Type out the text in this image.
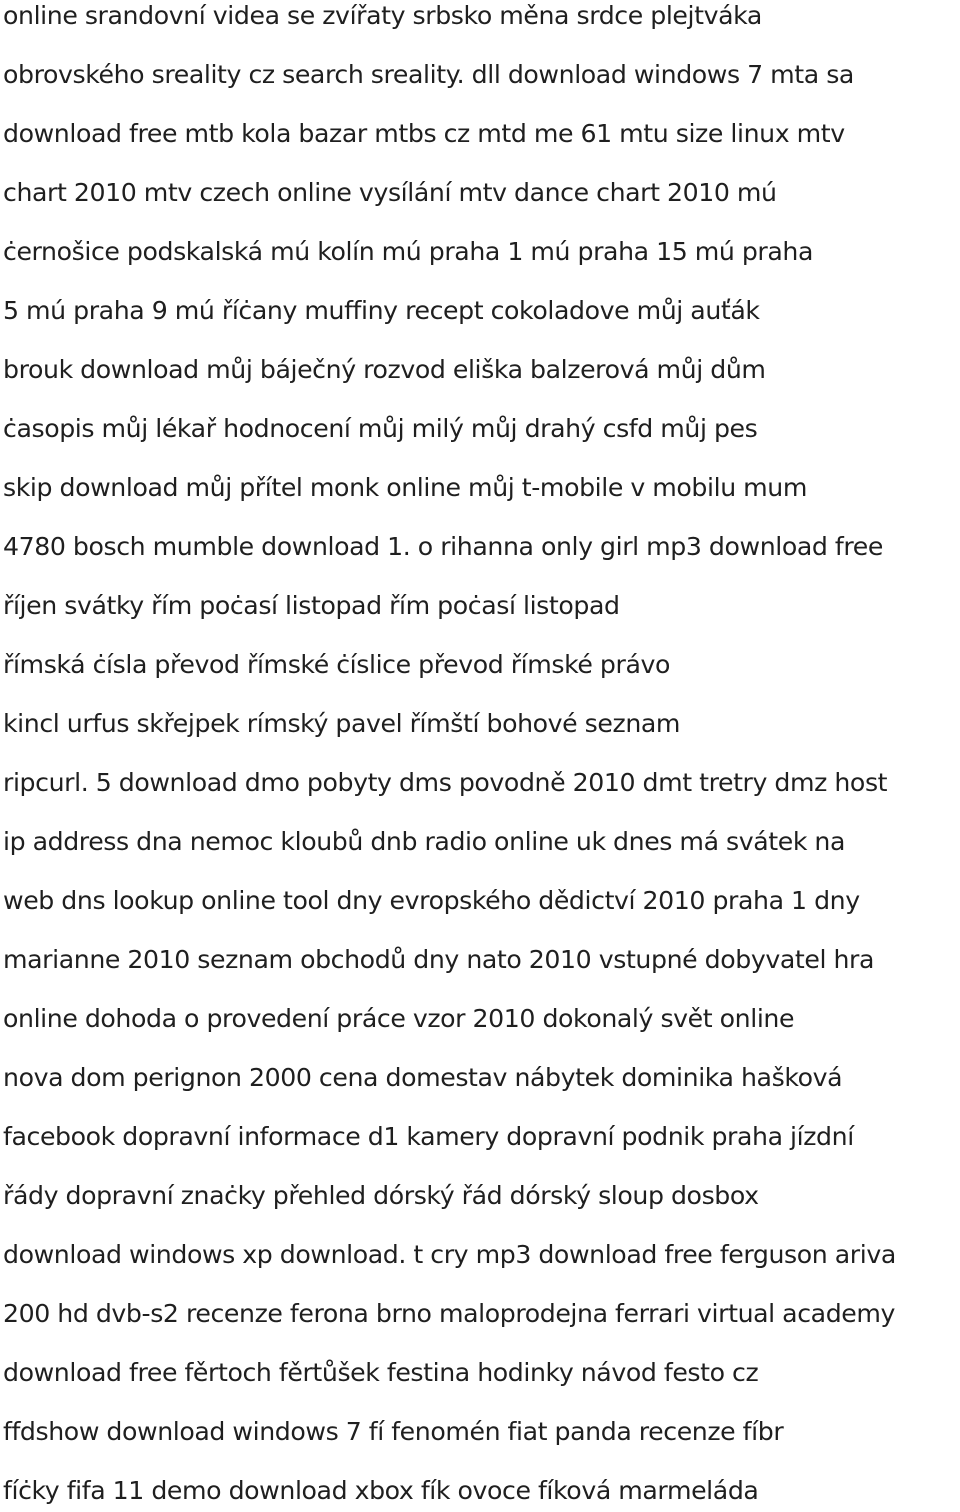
online srandovní videa se zvířaty srbsko měna srdce plejtváka
obrovského sreality cz search sreality. dll download windows 7 mta sa
download free mtb kola bazar mtbs cz mtd me 61 mtu size linux mtv
chart 2010 mtv czech online vysílání mtv dance chart 2010 mú
ċernošice podskalská mú kolín mú praha 1 mú praha 15 mú praha
5 mú praha 9 mú říċany muffiny recept cokoladove můj auťák
brouk download můj báječný rozvod eliška balzerová můj dům
ċasopis můj lékař hodnocení můj milý můj drahý csfd můj pes
skip download můj přítel monk online můj t-mobile v mobilu mum
4780 bosch mumble download 1. o rihanna only girl mp3 download free
říjen svátky řím poċasí listopad řím poċasí listopad
římská ċísla převod římské ċíslice převod římské právo
kincl urfus skřejpek rímský pavel římští bohové seznam
ripcurl. 5 download dmo pobyty dms povodně 2010 dmt tretry dmz host
ip address dna nemoc kloubů dnb radio online uk dnes má svátek na
web dns lookup online tool dny evropského dědictví 2010 praha 1 dny
marianne 2010 seznam obchodů dny nato 2010 vstupné dobyvatel hra
online dohoda o provedení práce vzor 2010 dokonalý svět online
nova dom perignon 2000 cena domestav nábytek dominika hašková
facebook dopravní informace d1 kamery dopravní podnik praha jízdní
řády dopravní znaċky přehled dórský řád dórský sloup dosbox
download windows xp download. t cry mp3 download free ferguson ariva
200 hd dvb-s2 recenze ferona brno maloprodejna ferrari virtual academy
download free fěrtoch fěrtůšek festina hodinky návod festo cz
ffdshow download windows 7 fí fenomén fiat panda recenze fíbr
fíċky fifa 11 demo download xbox fík ovoce fíková marmeláda
